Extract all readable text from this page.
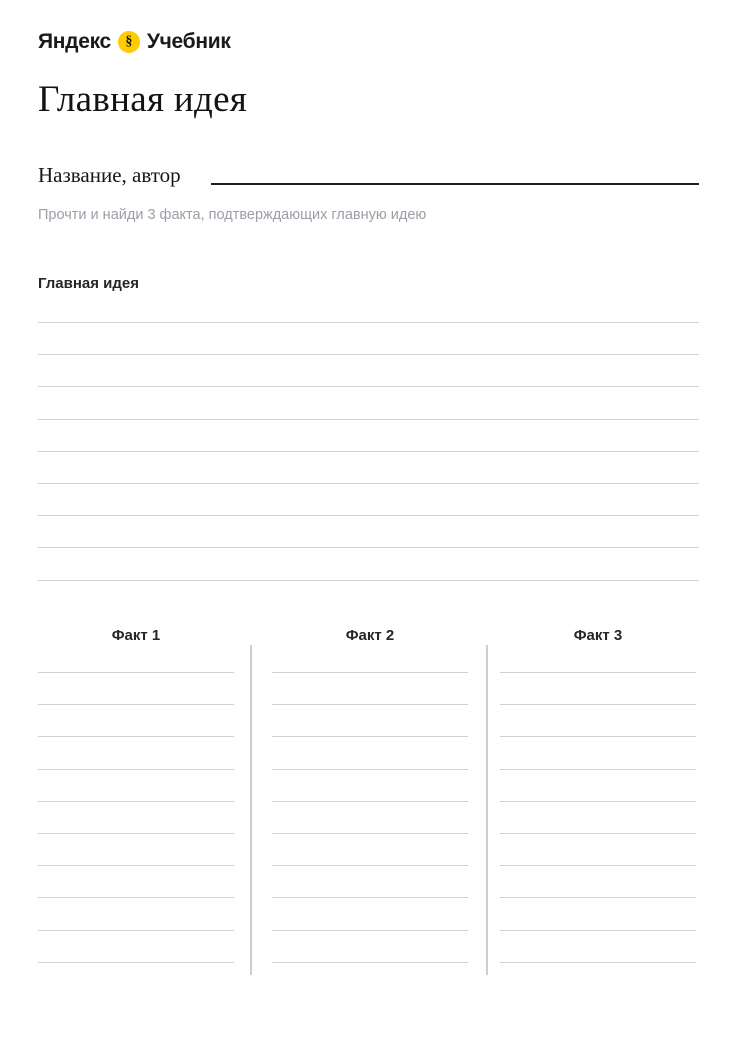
Яндекс § Учебник
Главная идея
Название, автор

Прочти и найди 3 факта, подтверждающих главную идею

Главная идея
Факт 1	Факт 2	Факт 3
